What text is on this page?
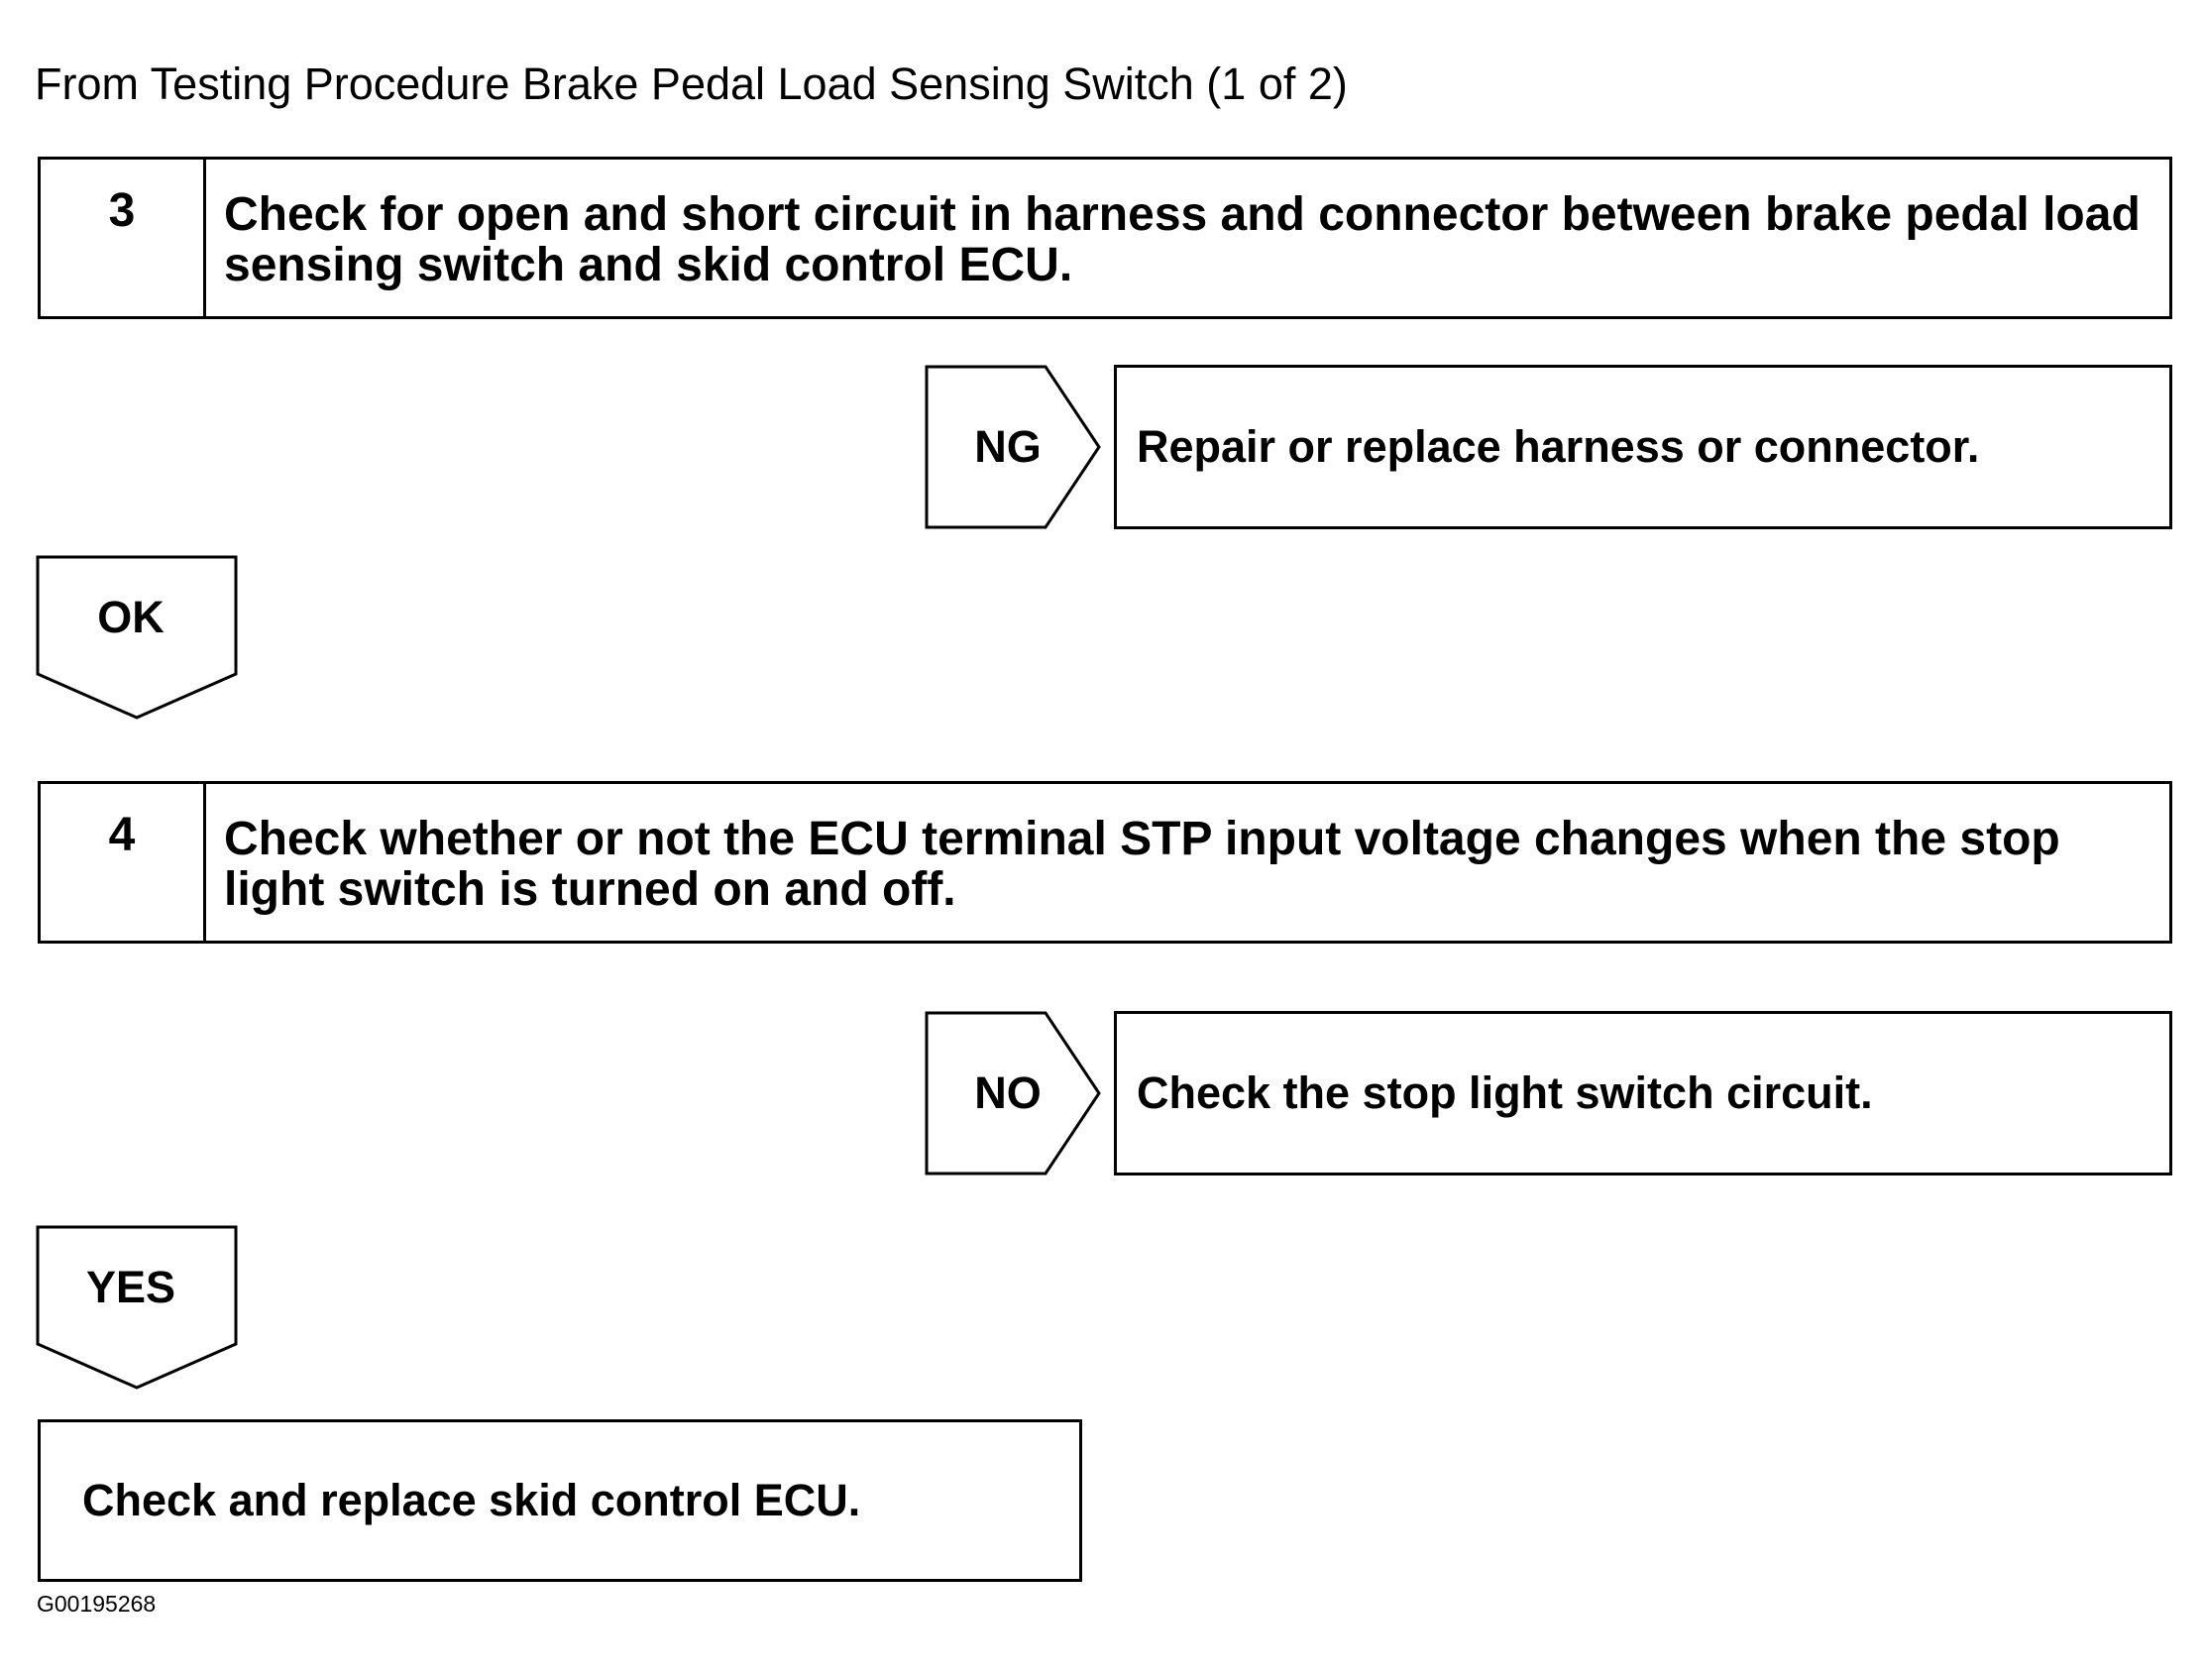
From Testing Procedure Brake Pedal Load Sensing Switch (1 of 2)
3	Check for open and short circuit in harness and connector between brake pedal load sensing switch and skid control ECU.
NG Repair or replace harness or connector.
OK
4	Check whether or not the ECU terminal STP input voltage changes when the stop light switch is turned on and off.
NO Check the stop light switch circuit.
YES
Check and replace skid control ECU.
G00195268
